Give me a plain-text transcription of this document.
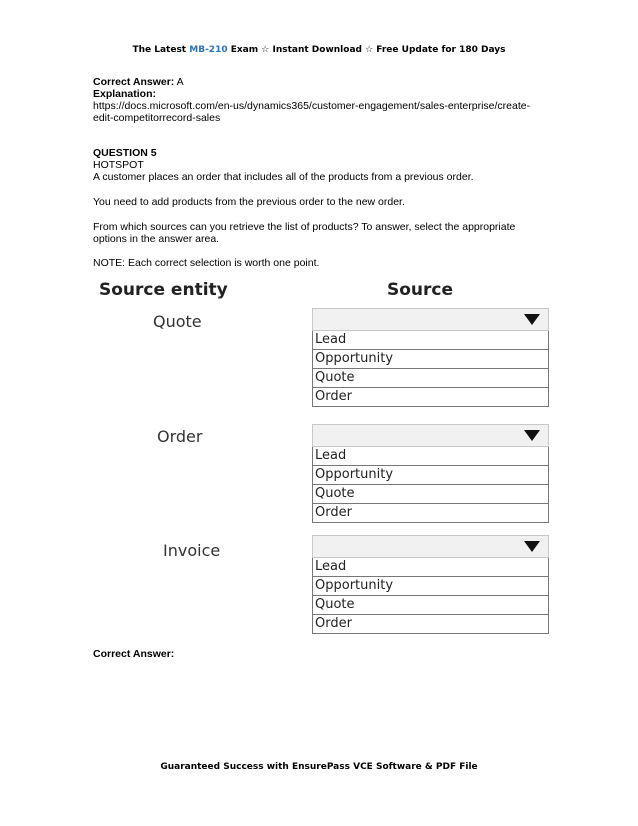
The Latest MB-210 Exam ☆ Instant Download ☆ Free Update for 180 Days

Correct Answer: A

Explanation:

https://docs.microsoft.com/en-us/dynamics365/customer-engagement/sales-enterprise/create-

edit-competitorrecord-sales

QUESTION 5

HOTSPOT

A customer places an order that includes all of the products from a previous order.

You need to add products from the previous order to the new order.

From which sources can you retrieve the list of products? To answer, select the appropriate

options in the answer area.

NOTE: Each correct selection is worth one point.

Source entity	Source
Quote
Lead
Opportunity
Quote
Order
Order
Lead
Opportunity
Quote
Order
Invoice
Lead
Opportunity
Quote
Order
Correct Answer:
Guaranteed Success with EnsurePass VCE Software & PDF File
